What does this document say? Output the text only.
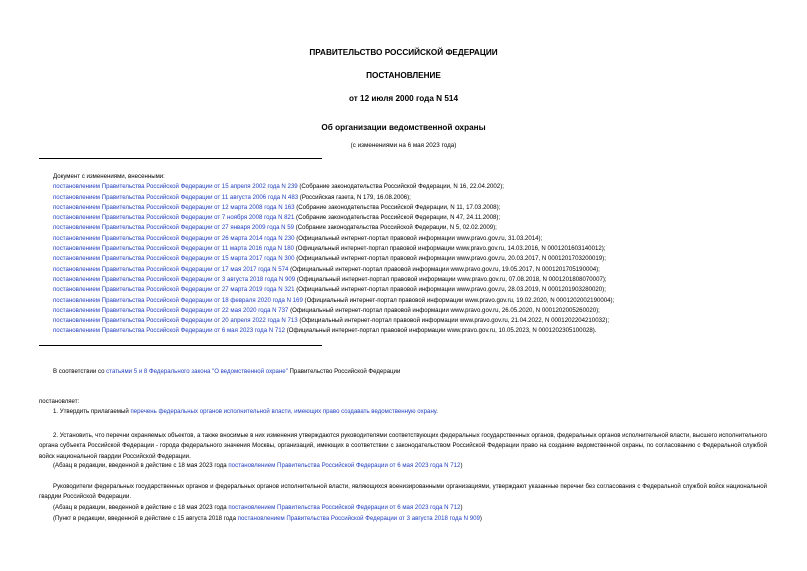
ПРАВИТЕЛЬСТВО РОССИЙСКОЙ ФЕДЕРАЦИИ
ПОСТАНОВЛЕНИЕ
от 12 июля 2000 года N 514
Об организации ведомственной охраны
(с изменениями на 6 мая 2023 года)
Документ с изменениями, внесенными:
постановлением Правительства Российской Федерации от 15 апреля 2002 года N 239 (Собрание законодательства Российской Федерации, N 16, 22.04.2002);
постановлением Правительства Российской Федерации от 11 августа 2006 года N 483 (Российская газета, N 179, 16.08.2006);
постановлением Правительства Российской Федерации от 12 марта 2008 года N 163 (Собрание законодательства Российской Федерации, N 11, 17.03.2008);
постановлением Правительства Российской Федерации от 7 ноября 2008 года N 821 (Собрание законодательства Российской Федерации, N 47, 24.11.2008);
постановлением Правительства Российской Федерации от 27 января 2009 года N 59 (Собрание законодательства Российской Федерации, N 5, 02.02.2009);
постановлением Правительства Российской Федерации от 26 марта 2014 года N 230 (Официальный интернет-портал правовой информации www.pravo.gov.ru, 31.03.2014);
постановлением Правительства Российской Федерации от 11 марта 2016 года N 180 (Официальный интернет-портал правовой информации www.pravo.gov.ru, 14.03.2016, N 0001201603140012);
постановлением Правительства Российской Федерации от 15 марта 2017 года N 300 (Официальный интернет-портал правовой информации www.pravo.gov.ru, 20.03.2017, N 0001201703200019);
постановлением Правительства Российской Федерации от 17 мая 2017 года N 574 (Официальный интернет-портал правовой информации www.pravo.gov.ru, 19.05.2017, N 0001201705190004);
постановлением Правительства Российской Федерации от 3 августа 2018 года N 909 (Официальный интернет-портал правовой информации www.pravo.gov.ru, 07.08.2018, N 0001201808070007);
постановлением Правительства Российской Федерации от 27 марта 2019 года N 321 (Официальный интернет-портал правовой информации www.pravo.gov.ru, 28.03.2019, N 0001201903280020);
постановлением Правительства Российской Федерации от 18 февраля 2020 года N 169 (Официальный интернет-портал правовой информации www.pravo.gov.ru, 19.02.2020, N 0001202002190004);
постановлением Правительства Российской Федерации от 22 мая 2020 года N 737 (Официальный интернет-портал правовой информации www.pravo.gov.ru, 26.05.2020, N 0001202005260020);
постановлением Правительства Российской Федерации от 20 апреля 2022 года N 713 (Официальный интернет-портал правовой информации www.pravo.gov.ru, 21.04.2022, N 0001202204210032);
постановлением Правительства Российской Федерации от 6 мая 2023 года N 712 (Официальный интернет-портал правовой информации www.pravo.gov.ru, 10.05.2023, N 0001202305100028).
В соответствии со статьями 5 и 8 Федерального закона "О ведомственной охране" Правительство Российской Федерации
постановляет:
1. Утвердить прилагаемый перечень федеральных органов исполнительной власти, имеющих право создавать ведомственную охрану.
2. Установить, что перечни охраняемых объектов, а также вносимые в них изменения утверждаются руководителями соответствующих федеральных государственных органов, федеральных органов исполнительной власти, высшего исполнительного органа субъекта Российской Федерации - города федерального значения Москвы, организаций, имеющих в соответствии с законодательством Российской Федерации право на создание ведомственной охраны, по согласованию с Федеральной службой войск национальной гвардии Российской Федерации.
(Абзац в редакции, введенной в действие с 18 мая 2023 года постановлением Правительства Российской Федерации от 6 мая 2023 года N 712)
Руководители федеральных государственных органов и федеральных органов исполнительной власти, являющихся военизированными организациями, утверждают указанные перечни без согласования с Федеральной службой войск национальной гвардии Российской Федерации.
(Абзац в редакции, введенной в действие с 18 мая 2023 года постановлением Правительства Российской Федерации от 6 мая 2023 года N 712)
(Пункт в редакции, введенной в действие с 15 августа 2018 года постановлением Правительства Российской Федерации от 3 августа 2018 года N 909)
